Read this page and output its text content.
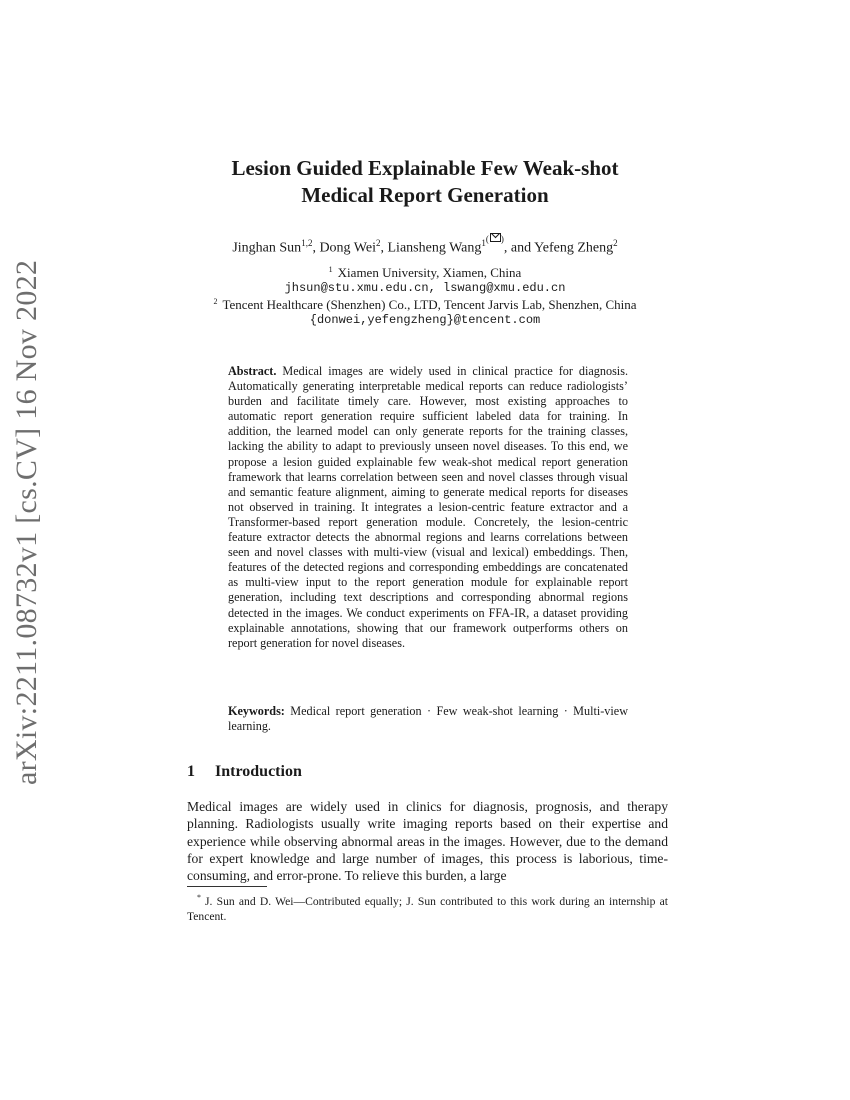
arXiv:2211.08732v1 [cs.CV] 16 Nov 2022
Lesion Guided Explainable Few Weak-shot
Medical Report Generation
Jinghan Sun$^{1,2}$, Dong Wei$^2$, Liansheng Wang$^{1( )}$, and Yefeng Zheng$^2$
$^1$ Xiamen University, Xiamen, China
jhsun@stu.xmu.edu.cn, lswang@xmu.edu.cn
$^2$ Tencent Healthcare (Shenzhen) Co., LTD, Tencent Jarvis Lab, Shenzhen, China
{donwei,yefengzheng}@tencent.com
Abstract. Medical images are widely used in clinical practice for diagnosis. Automatically generating interpretable medical reports can reduce radiologists’ burden and facilitate timely care. However, most existing approaches to automatic report generation require sufficient labeled data for training. In addition, the learned model can only generate reports for the training classes, lacking the ability to adapt to previously unseen novel diseases. To this end, we propose a lesion guided explainable few weak-shot medical report generation framework that learns correlation between seen and novel classes through visual and semantic feature alignment, aiming to generate medical reports for diseases not observed in training. It integrates a lesion-centric feature extractor and a Transformer-based report generation module. Concretely, the lesion-centric feature extractor detects the abnormal regions and learns correlations between seen and novel classes with multi-view (visual and lexical) embeddings. Then, features of the detected regions and corresponding embeddings are concatenated as multi-view input to the report generation module for explainable report generation, including text descriptions and corresponding abnormal regions detected in the images. We conduct experiments on FFA-IR, a dataset providing explainable annotations, showing that our framework outperforms others on report generation for novel diseases.
Keywords: Medical report generation · Few weak-shot learning · Multi-view learning.
1 Introduction
Medical images are widely used in clinics for diagnosis, prognosis, and therapy planning. Radiologists usually write imaging reports based on their expertise and experience while observing abnormal areas in the images. However, due to the demand for expert knowledge and large number of images, this process is laborious, time-consuming, and error-prone. To relieve this burden, a large
* J. Sun and D. Wei—Contributed equally; J. Sun contributed to this work during an internship at Tencent.
